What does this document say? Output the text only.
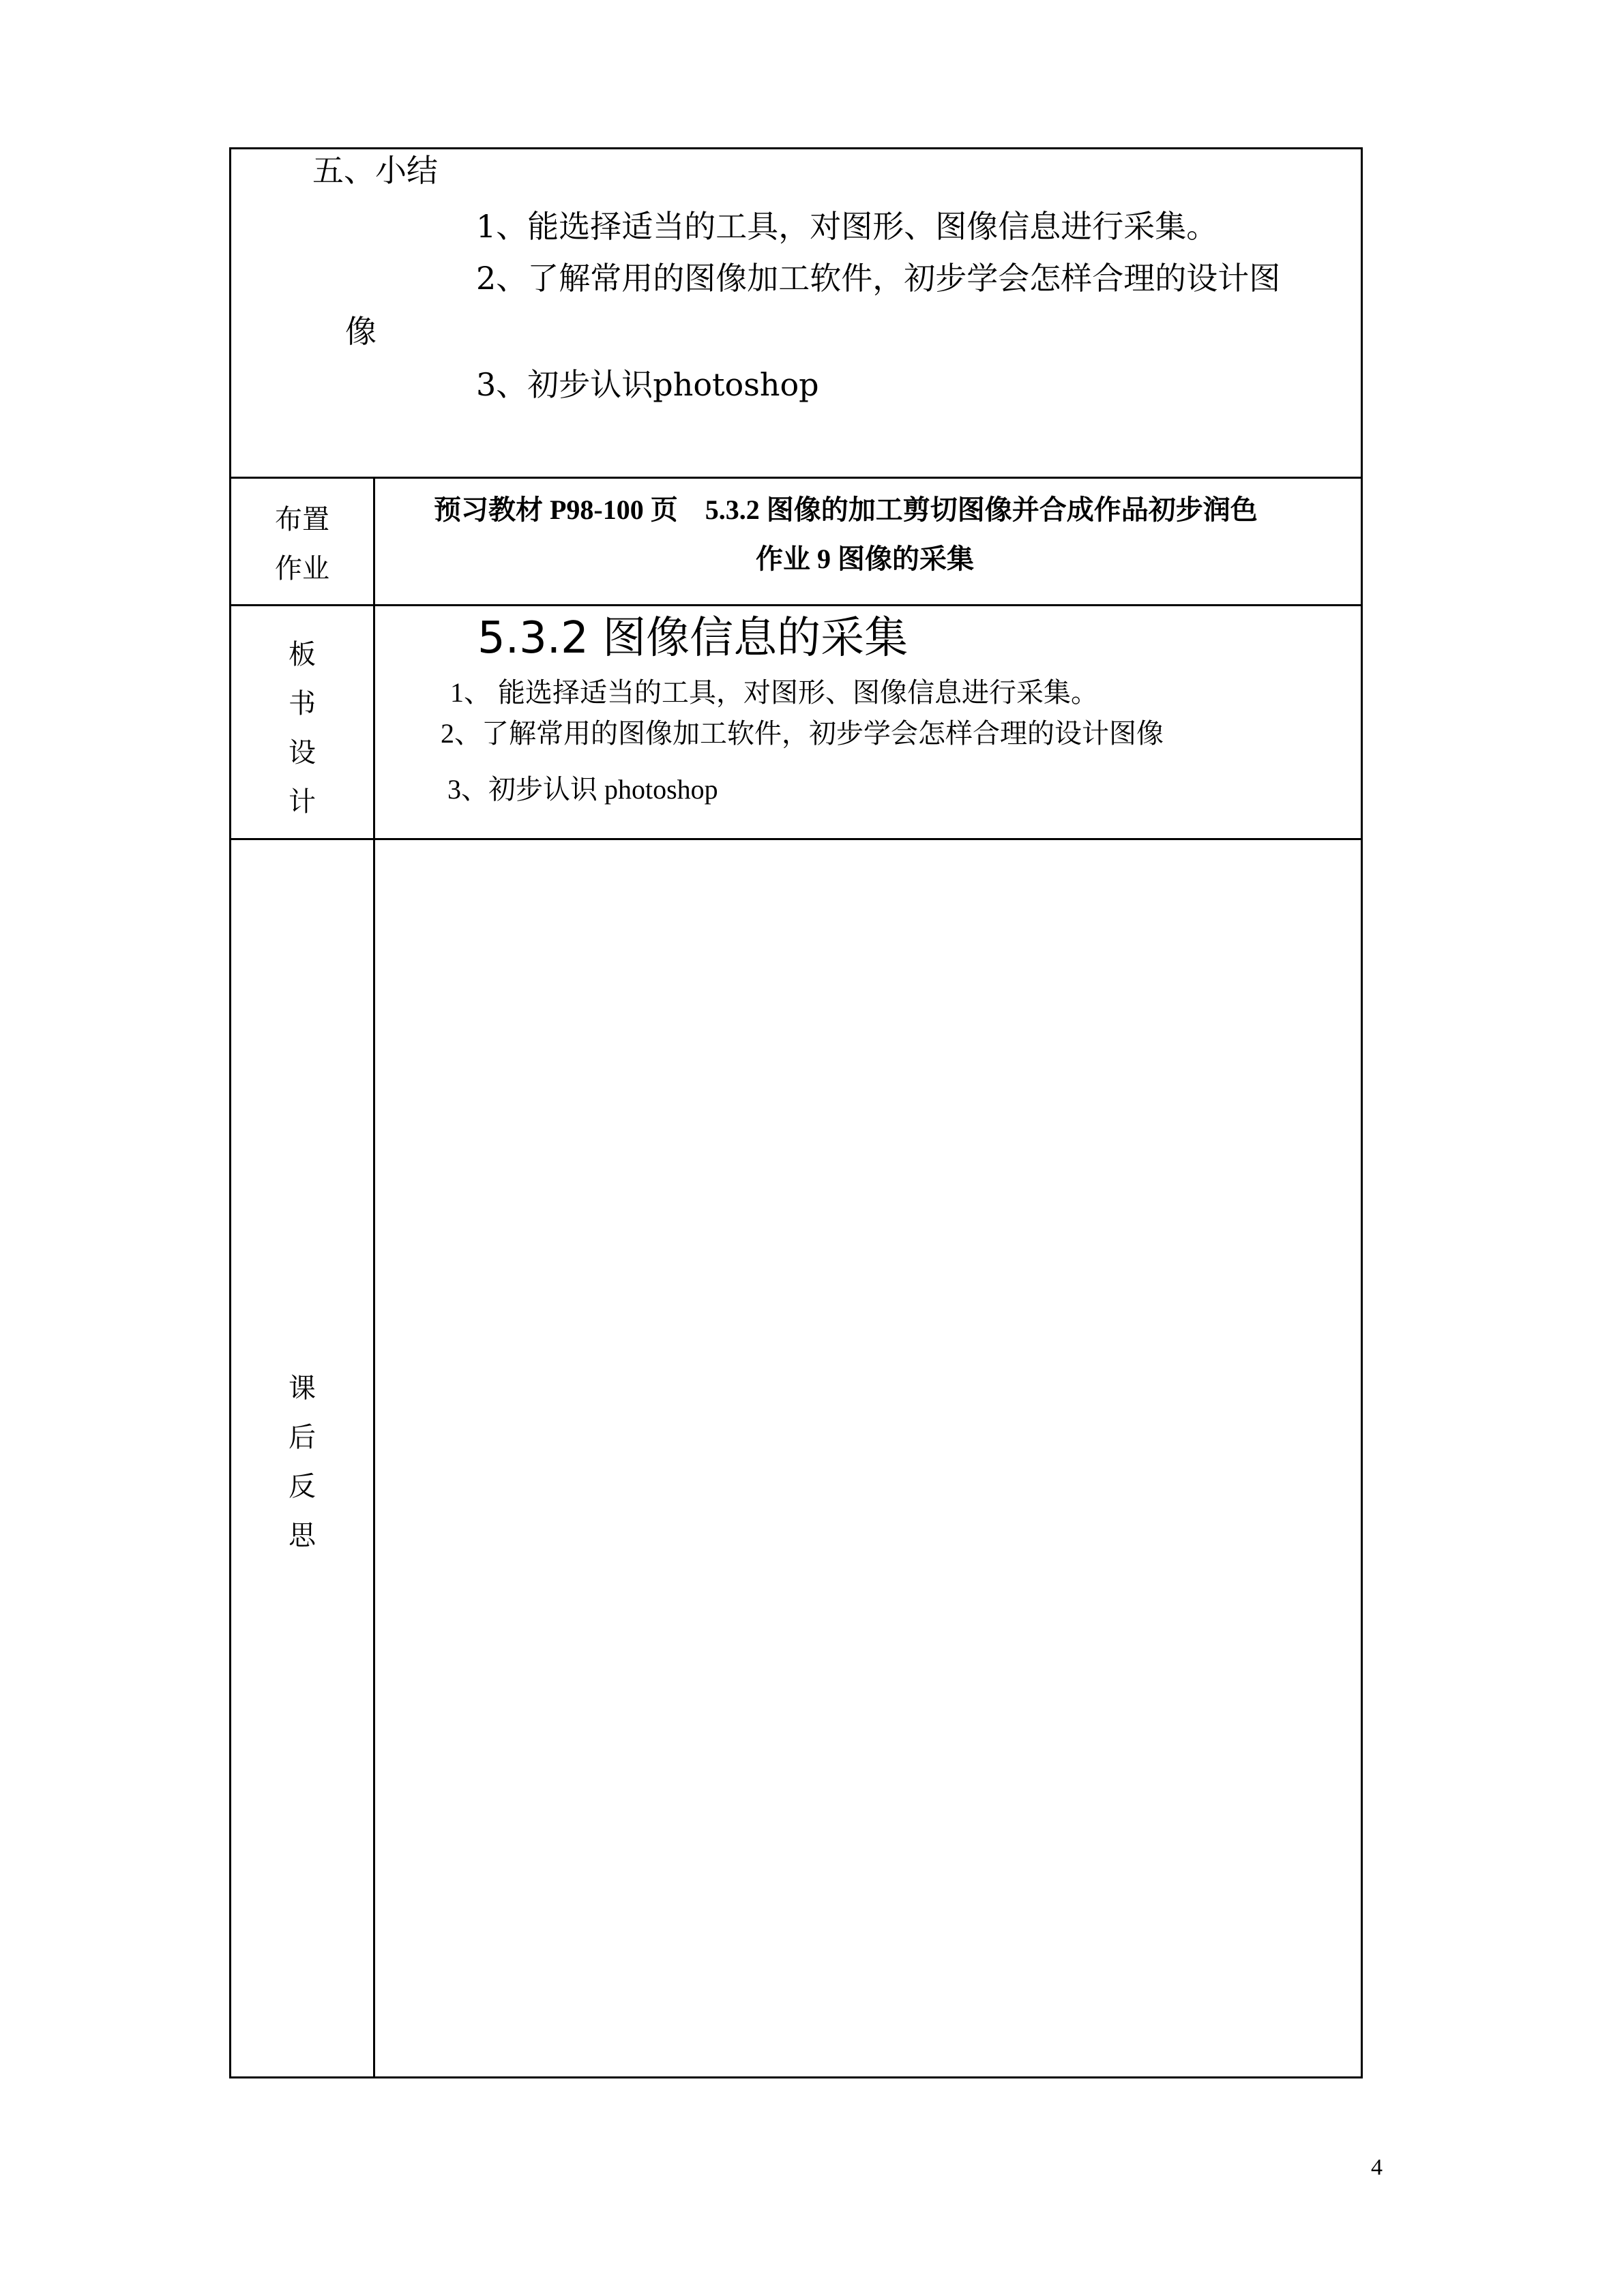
五、小结
1、能选择适当的工具，对图形、图像信息进行采集。
2、了解常用的图像加工软件，初步学会怎样合理的设计图
像
3、初步认识photoshop
布置
作业
预习教材 P98-100 页　5.3.2 图像的加工剪切图像并合成作品初步润色
作业 9 图像的采集
板
书
设
计
5.3.2 图像信息的采集
1、 能选择适当的工具，对图形、图像信息进行采集。
2、了解常用的图像加工软件，初步学会怎样合理的设计图像
3、初步认识 photoshop
课
后
反
思
4
